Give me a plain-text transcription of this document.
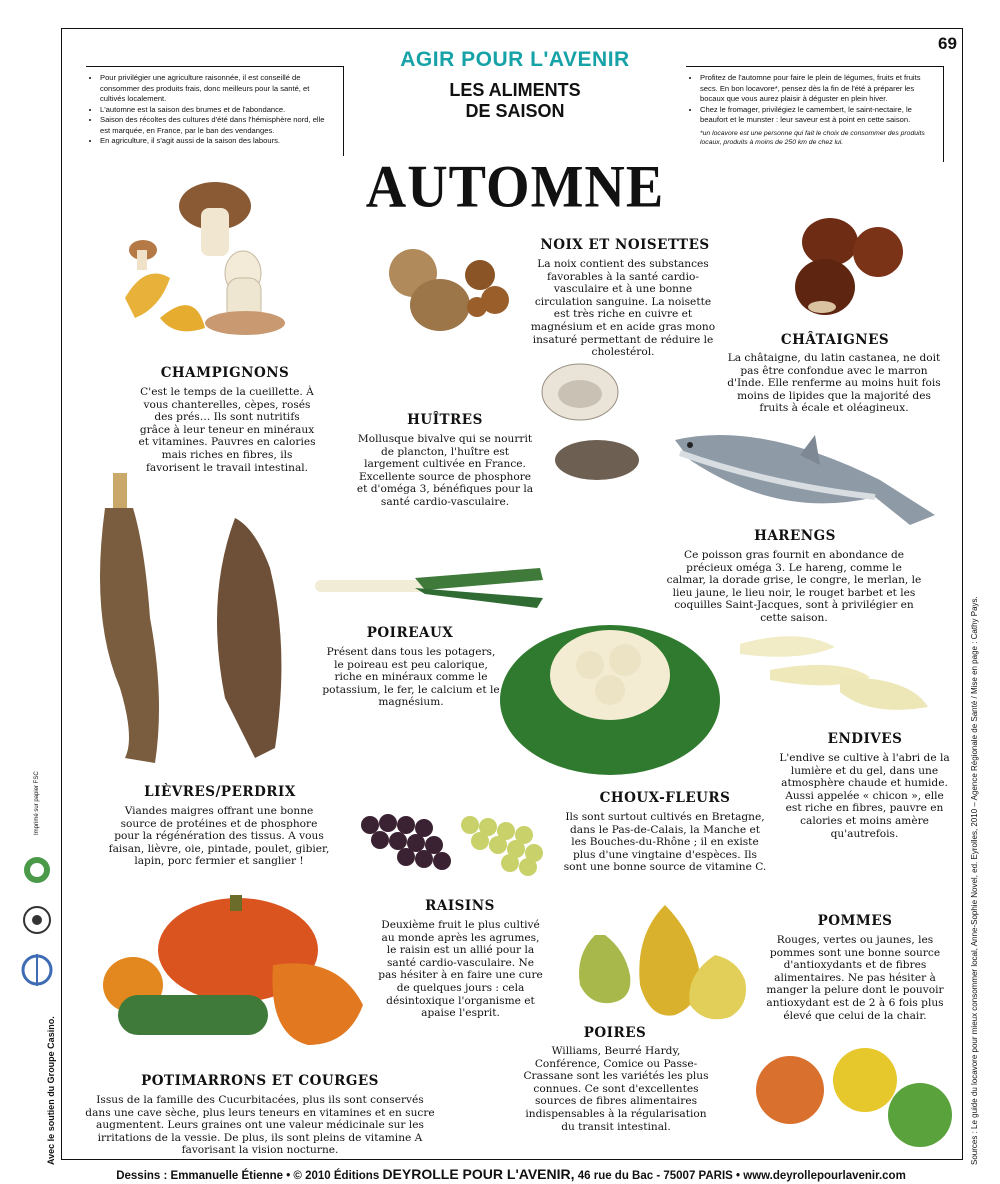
69
AGIR POUR L'AVENIR
LES ALIMENTS
DE SAISON
AUTOMNE
• Pour privilégier une agriculture raisonnée, il est conseillé de consommer des produits frais, donc meilleurs pour la santé, et cultivés localement.
• L'automne est la saison des brumes et de l'abondance.
• Saison des récoltes des cultures d'été dans l'hémisphère nord, elle est marquée, en France, par le ban des vendanges.
• En agriculture, il s'agit aussi de la saison des labours.
• Profitez de l'automne pour faire le plein de légumes, fruits et fruits secs. En bon locavore*, pensez dès la fin de l'été à préparer les bocaux que vous aurez plaisir à déguster en plein hiver.
• Chez le fromager, privilégiez le camembert, le saint-nectaire, le beaufort et le munster : leur saveur est à point en cette saison.
*un locavore est une personne qui fait le choix de consommer des produits locaux, produits à moins de 250 km de chez lui.
NOIX ET NOISETTES
La noix contient des substances favorables à la santé cardio-vasculaire et à une bonne circulation sanguine. La noisette est très riche en cuivre et magnésium et en acide gras mono insaturé permettant de réduire le cholestérol.
CHÂTAIGNES
La châtaigne, du latin castanea, ne doit pas être confondue avec le marron d'Inde. Elle renferme au moins huit fois moins de lipides que la majorité des fruits à écale et oléagineux.
CHAMPIGNONS
C'est le temps de la cueillette. À vous chanterelles, cèpes, rosés des prés… Ils sont nutritifs grâce à leur teneur en minéraux et vitamines. Pauvres en calories mais riches en fibres, ils favorisent le travail intestinal.
HUÎTRES
Mollusque bivalve qui se nourrit de plancton, l'huître est largement cultivée en France. Excellente source de phosphore et d'oméga 3, bénéfiques pour la santé cardio-vasculaire.
HARENGS
Ce poisson gras fournit en abondance de précieux oméga 3. Le hareng, comme le calmar, la dorade grise, le congre, le merlan, le lieu jaune, le lieu noir, le rouget barbet et les coquilles Saint-Jacques, sont à privilégier en cette saison.
POIREAUX
Présent dans tous les potagers, le poireau est peu calorique, riche en minéraux comme le potassium, le fer, le calcium et le magnésium.
ENDIVES
L'endive se cultive à l'abri de la lumière et du gel, dans une atmosphère chaude et humide. Aussi appelée « chicon », elle est riche en fibres, pauvre en calories et moins amère qu'autrefois.
LIÈVRES/PERDRIX
Viandes maigres offrant une bonne source de protéines et de phosphore pour la régénération des tissus. A vous faisan, lièvre, oie, pintade, poulet, gibier, lapin, porc fermier et sanglier !
CHOUX-FLEURS
Ils sont surtout cultivés en Bretagne, dans le Pas-de-Calais, la Manche et les Bouches-du-Rhône ; il en existe plus d'une vingtaine d'espèces. Ils sont une bonne source de vitamine C.
RAISINS
Deuxième fruit le plus cultivé au monde après les agrumes, le raisin est un allié pour la santé cardio-vasculaire. Ne pas hésiter à en faire une cure de quelques jours : cela désintoxique l'organisme et apaise l'esprit.
POMMES
Rouges, vertes ou jaunes, les pommes sont une bonne source d'antioxydants et de fibres alimentaires. Ne pas hésiter à manger la pelure dont le pouvoir antioxydant est de 2 à 6 fois plus élevé que celui de la chair.
POIRES
Williams, Beurré Hardy, Conférence, Comice ou Passe-Crassane sont les variétés les plus connues. Ce sont d'excellentes sources de fibres alimentaires indispensables à la régularisation du transit intestinal.
POTIMARRONS ET COURGES
Issus de la famille des Cucurbitacées, plus ils sont conservés dans une cave sèche, plus leurs teneurs en vitamines et en sucre augmentent. Leurs graines ont une valeur médicinale sur les irritations de la vessie. De plus, ils sont pleins de vitamine A favorisant la vision nocturne.
Avec le soutien du Groupe Casino.
Imprimé sur papier FSC	Sources : Le guide du locavore pour mieux consommer local, Anne-Sophie Novel, ed. Eyrolles, 2010 – Agence Régionale de Santé / Mise en page : Cathy Pays.
Dessins : Emmanuelle Étienne • © 2010 Éditions DEYROLLE POUR L'AVENIR, 46 rue du Bac - 75007 PARIS • www.deyrollepourlavenir.com
